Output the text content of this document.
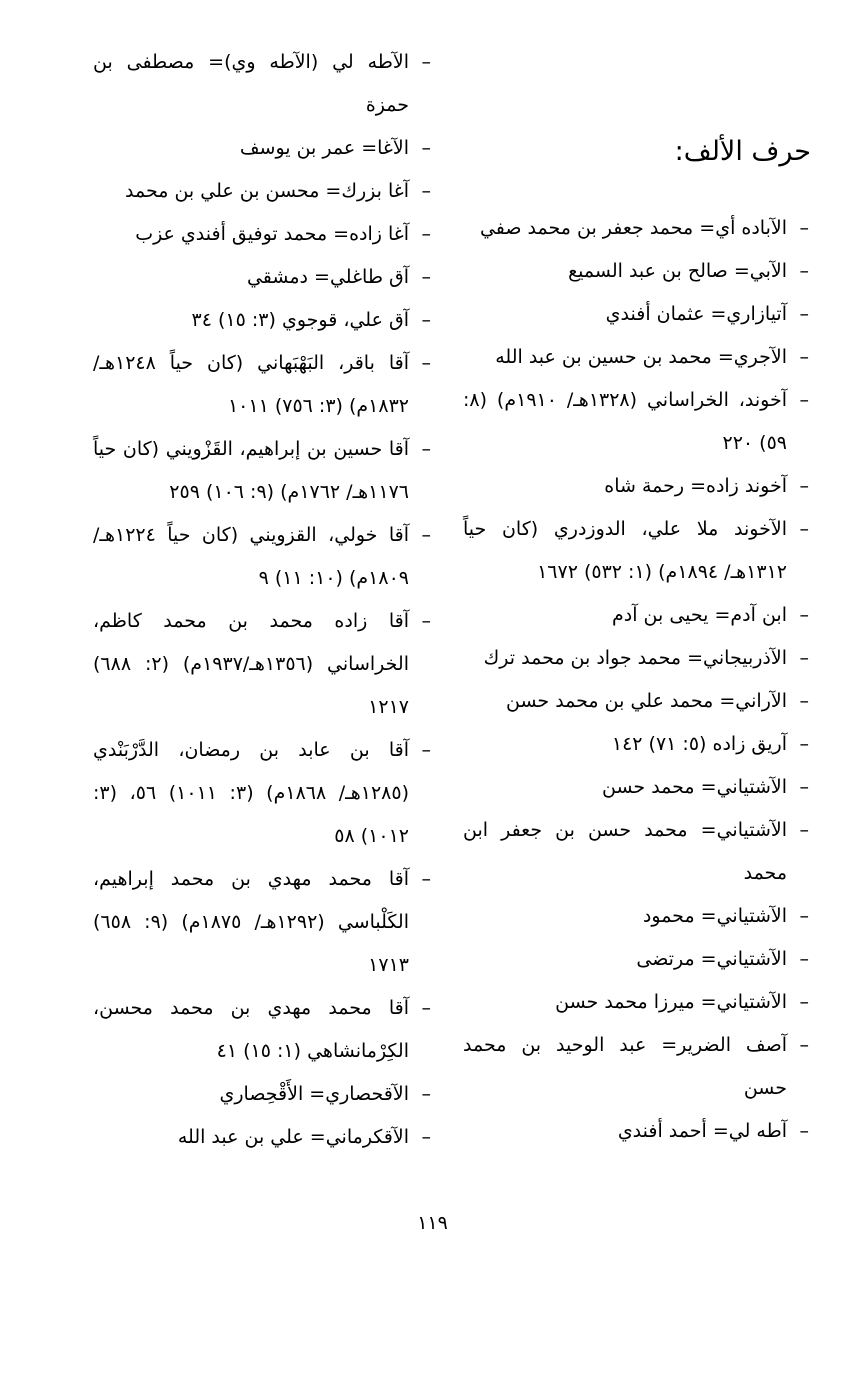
حرف الألف:

–
الآباده أي= محمد جعفر بن محمد صفي

–
الآبي= صالح بن عبد السميع

–
آتيازاري= عثمان أفندي

–
الآجري= محمد بن حسين بن عبد الله

–
آخوند، الخراساني (١٣٢٨هـ/ ١٩١٠م) (٨: ٥٩) ٢٢٠

–
آخوند زاده= رحمة شاه

–
الآخوند ملا علي، الدوزدري (كان حياً ١٣١٢هـ/ ١٨٩٤م) (١: ٥٣٢) ١٦٧٢

–
ابن آدم= يحيى بن آدم

–
الآذربيجاني= محمد جواد بن محمد ترك

–
الآراني= محمد علي بن محمد حسن

–
آريق زاده (٥: ٧١) ١٤٢

–
الآشتياني= محمد حسن

–
الآشتياني= محمد حسن بن جعفر ابن محمد

–
الآشتياني= محمود

–
الآشتياني= مرتضى

–
الآشتياني= ميرزا محمد حسن

–
آصف الضرير= عبد الوحيد بن محمد حسن

–
آطه لي= أحمد أفندي

–
الآطه لي (الآطه وي)= مصطفى بن حمزة

–
الآغا= عمر بن يوسف

–
آغا بزرك= محسن بن علي بن محمد

–
آغا زاده= محمد توفيق أفندي عزب

–
آق طاغلي= دمشقي

–
آق علي، قوجوي (٣: ١٥) ٣٤

–
آقا باقر، البَهْبَهاني (كان حياً ١٢٤٨هـ/ ١٨٣٢م) (٣: ٧٥٦) ١٠١١

–
آقا حسين بن إبراهيم، القَزْويني (كان حياً ١١٧٦هـ/ ١٧٦٢م) (٩: ١٠٦) ٢٥٩

–
آقا خولي، القزويني (كان حياً ١٢٢٤هـ/ ١٨٠٩م) (١٠: ١١) ٩

–
آقا زاده محمد بن محمد كاظم، الخراساني (١٣٥٦هـ/١٩٣٧م) (٢: ٦٨٨) ١٢١٧

–
آقا بن عابد بن رمضان، الدَّرْبَنْدي (١٢٨٥هـ/ ١٨٦٨م) (٣: ١٠١١) ٥٦، (٣: ١٠١٢) ٥٨

–
آقا محمد مهدي بن محمد إبراهيم، الكَلْباسي (١٢٩٢هـ/ ١٨٧٥م) (٩: ٦٥٨) ١٧١٣

–
آقا محمد مهدي بن محمد محسن، الكِرْمانشاهي (١: ١٥) ٤١

–
الآقحصاري= الأَقْحِصاري

–
الآقكرماني= علي بن عبد الله

١١٩
